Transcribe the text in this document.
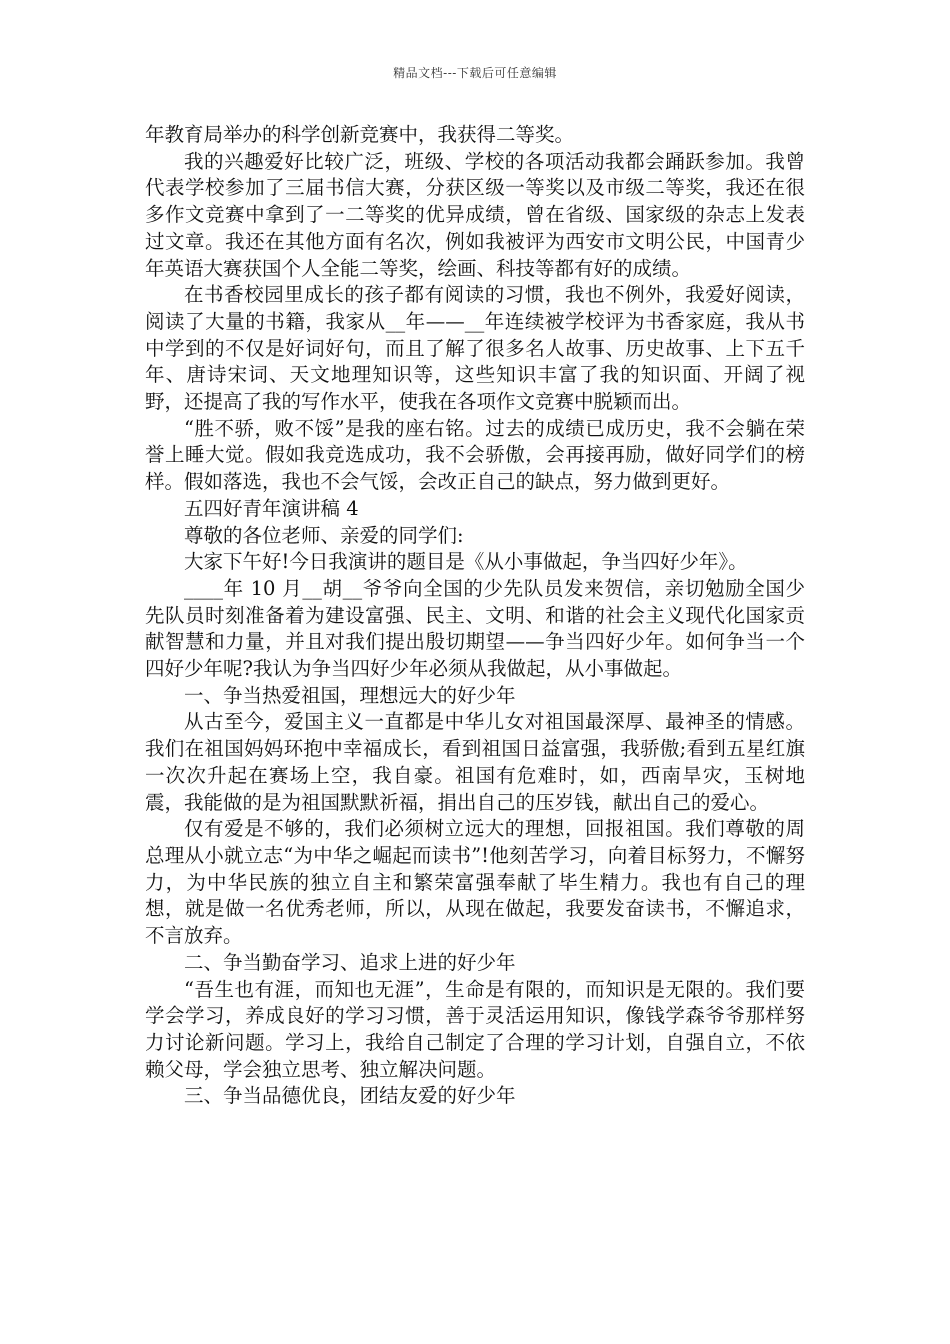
精品文档---下载后可任意编辑

年教育局举办的科学创新竞赛中，我获得二等奖。

我的兴趣爱好比较广泛，班级、学校的各项活动我都会踊跃参加。我曾代表学校参加了三届书信大赛，分获区级一等奖以及市级二等奖，我还在很多作文竞赛中拿到了一二等奖的优异成绩，曾在省级、国家级的杂志上发表过文章。我还在其他方面有名次，例如我被评为西安市文明公民，中国青少年英语大赛获国个人全能二等奖，绘画、科技等都有好的成绩。

在书香校园里成长的孩子都有阅读的习惯，我也不例外，我爱好阅读，阅读了大量的书籍，我家从__年——__年连续被学校评为书香家庭，我从书中学到的不仅是好词好句，而且了解了很多名人故事、历史故事、上下五千年、唐诗宋词、天文地理知识等，这些知识丰富了我的知识面、开阔了视野，还提高了我的写作水平，使我在各项作文竞赛中脱颖而出。

“胜不骄，败不馁”是我的座右铭。过去的成绩已成历史，我不会躺在荣誉上睡大觉。假如我竞选成功，我不会骄傲，会再接再励，做好同学们的榜样。假如落选，我也不会气馁，会改正自己的缺点，努力做到更好。

五四好青年演讲稿 4

尊敬的各位老师、亲爱的同学们:

大家下午好!今日我演讲的题目是《从小事做起，争当四好少年》。

____年 10 月__胡__爷爷向全国的少先队员发来贺信，亲切勉励全国少先队员时刻准备着为建设富强、民主、文明、和谐的社会主义现代化国家贡献智慧和力量，并且对我们提出殷切期望——争当四好少年。如何争当一个四好少年呢?我认为争当四好少年必须从我做起，从小事做起。

一、争当热爱祖国，理想远大的好少年

从古至今，爱国主义一直都是中华儿女对祖国最深厚、最神圣的情感。我们在祖国妈妈环抱中幸福成长，看到祖国日益富强，我骄傲;看到五星红旗一次次升起在赛场上空，我自豪。祖国有危难时，如，西南旱灾，玉树地震，我能做的是为祖国默默祈福，捐出自己的压岁钱，献出自己的爱心。

仅有爱是不够的，我们必须树立远大的理想，回报祖国。我们尊敬的周总理从小就立志“为中华之崛起而读书”!他刻苦学习，向着目标努力，不懈努力，为中华民族的独立自主和繁荣富强奉献了毕生精力。我也有自己的理想，就是做一名优秀老师，所以，从现在做起，我要发奋读书，不懈追求，不言放弃。

二、争当勤奋学习、追求上进的好少年

“吾生也有涯，而知也无涯”，生命是有限的，而知识是无限的。我们要学会学习，养成良好的学习习惯，善于灵活运用知识，像钱学森爷爷那样努力讨论新问题。学习上，我给自己制定了合理的学习计划，自强自立，不依赖父母，学会独立思考、独立解决问题。

三、争当品德优良，团结友爱的好少年
